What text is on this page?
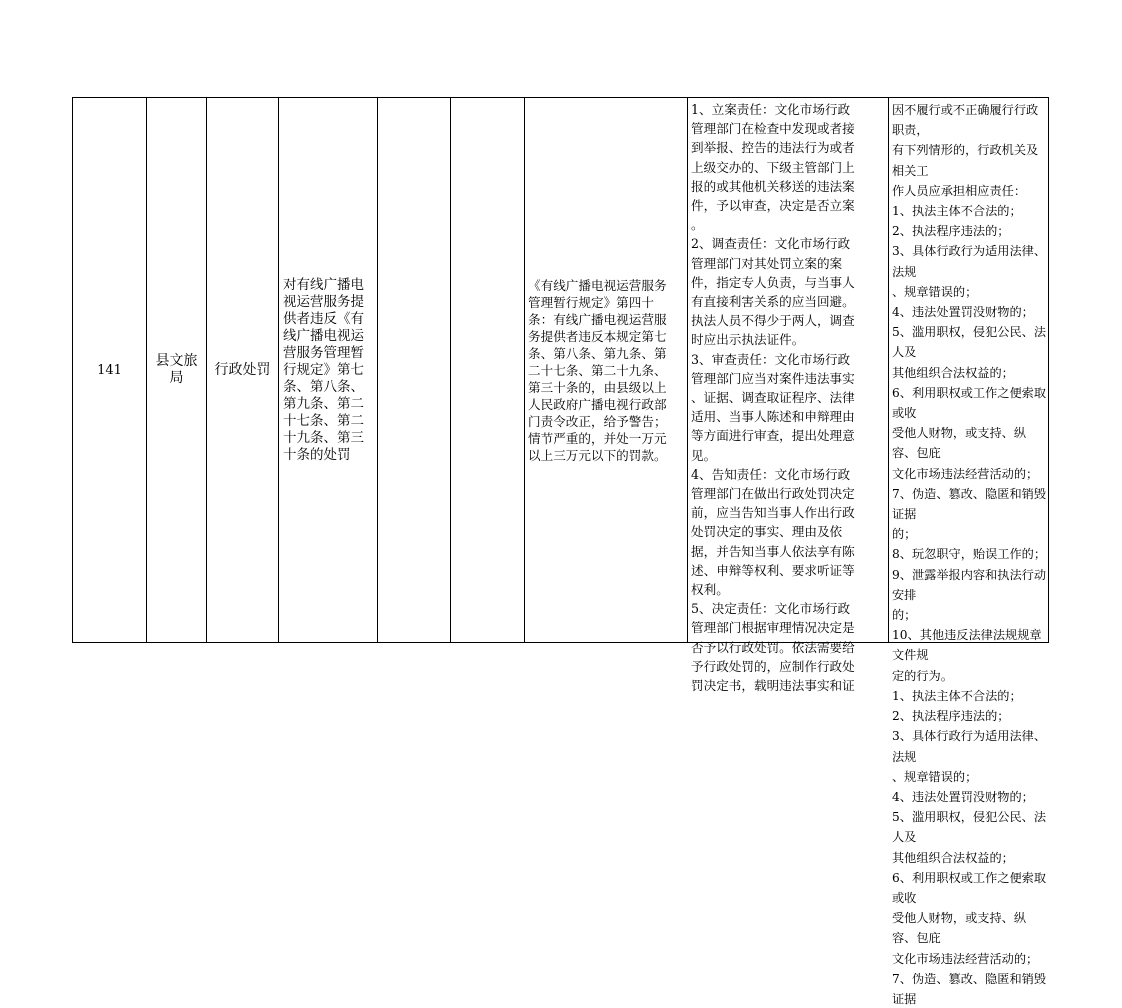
141
县文旅
局
行政处罚
对有线广播电
视运营服务提
供者违反《有
线广播电视运
营服务管理暂
行规定》第七
条、第八条、
第九条、第二
十七条、第二
十九条、第三
十条的处罚
《有线广播电视运营服务
管理暂行规定》第四十
条：有线广播电视运营服
务提供者违反本规定第七
条、第八条、第九条、第
二十七条、第二十九条、
第三十条的，由县级以上
人民政府广播电视行政部
门责令改正，给予警告；
情节严重的，并处一万元
以上三万元以下的罚款。
1、立案责任：文化市场行政
管理部门在检查中发现或者接
到举报、控告的违法行为或者
上级交办的、下级主管部门上
报的或其他机关移送的违法案
件，予以审查，决定是否立案
。
2、调查责任：文化市场行政
管理部门对其处罚立案的案
件，指定专人负责，与当事人
有直接利害关系的应当回避。
执法人员不得少于两人，调查
时应出示执法证件。
3、审查责任：文化市场行政
管理部门应当对案件违法事实
、证据、调查取证程序、法律
适用、当事人陈述和申辩理由
等方面进行审查，提出处理意
见。
4、告知责任：文化市场行政
管理部门在做出行政处罚决定
前，应当告知当事人作出行政
处罚决定的事实、理由及依
据，并告知当事人依法享有陈
述、申辩等权利、要求听证等
权利。
5、决定责任：文化市场行政
管理部门根据审理情况决定是
否予以行政处罚。依法需要给
予行政处罚的，应制作行政处
罚决定书，载明违法事实和证
因不履行或不正确履行行政职责，
有下列情形的，行政机关及相关工
作人员应承担相应责任：
1、执法主体不合法的；
2、执法程序违法的；
3、具体行政行为适用法律、法规
、规章错误的；
4、违法处置罚没财物的；
5、滥用职权，侵犯公民、法人及
其他组织合法权益的；
6、利用职权或工作之便索取或收
受他人财物，或支持、纵容、包庇
文化市场违法经营活动的；
7、伪造、篡改、隐匿和销毁证据
的；
8、玩忽职守，贻误工作的；
9、泄露举报内容和执法行动安排
的；
10、其他违反法律法规规章文件规
定的行为。
1、执法主体不合法的；
2、执法程序违法的；
3、具体行政行为适用法律、法规
、规章错误的；
4、违法处置罚没财物的；
5、滥用职权，侵犯公民、法人及
其他组织合法权益的；
6、利用职权或工作之便索取或收
受他人财物，或支持、纵容、包庇
文化市场违法经营活动的；
7、伪造、篡改、隐匿和销毁证据
